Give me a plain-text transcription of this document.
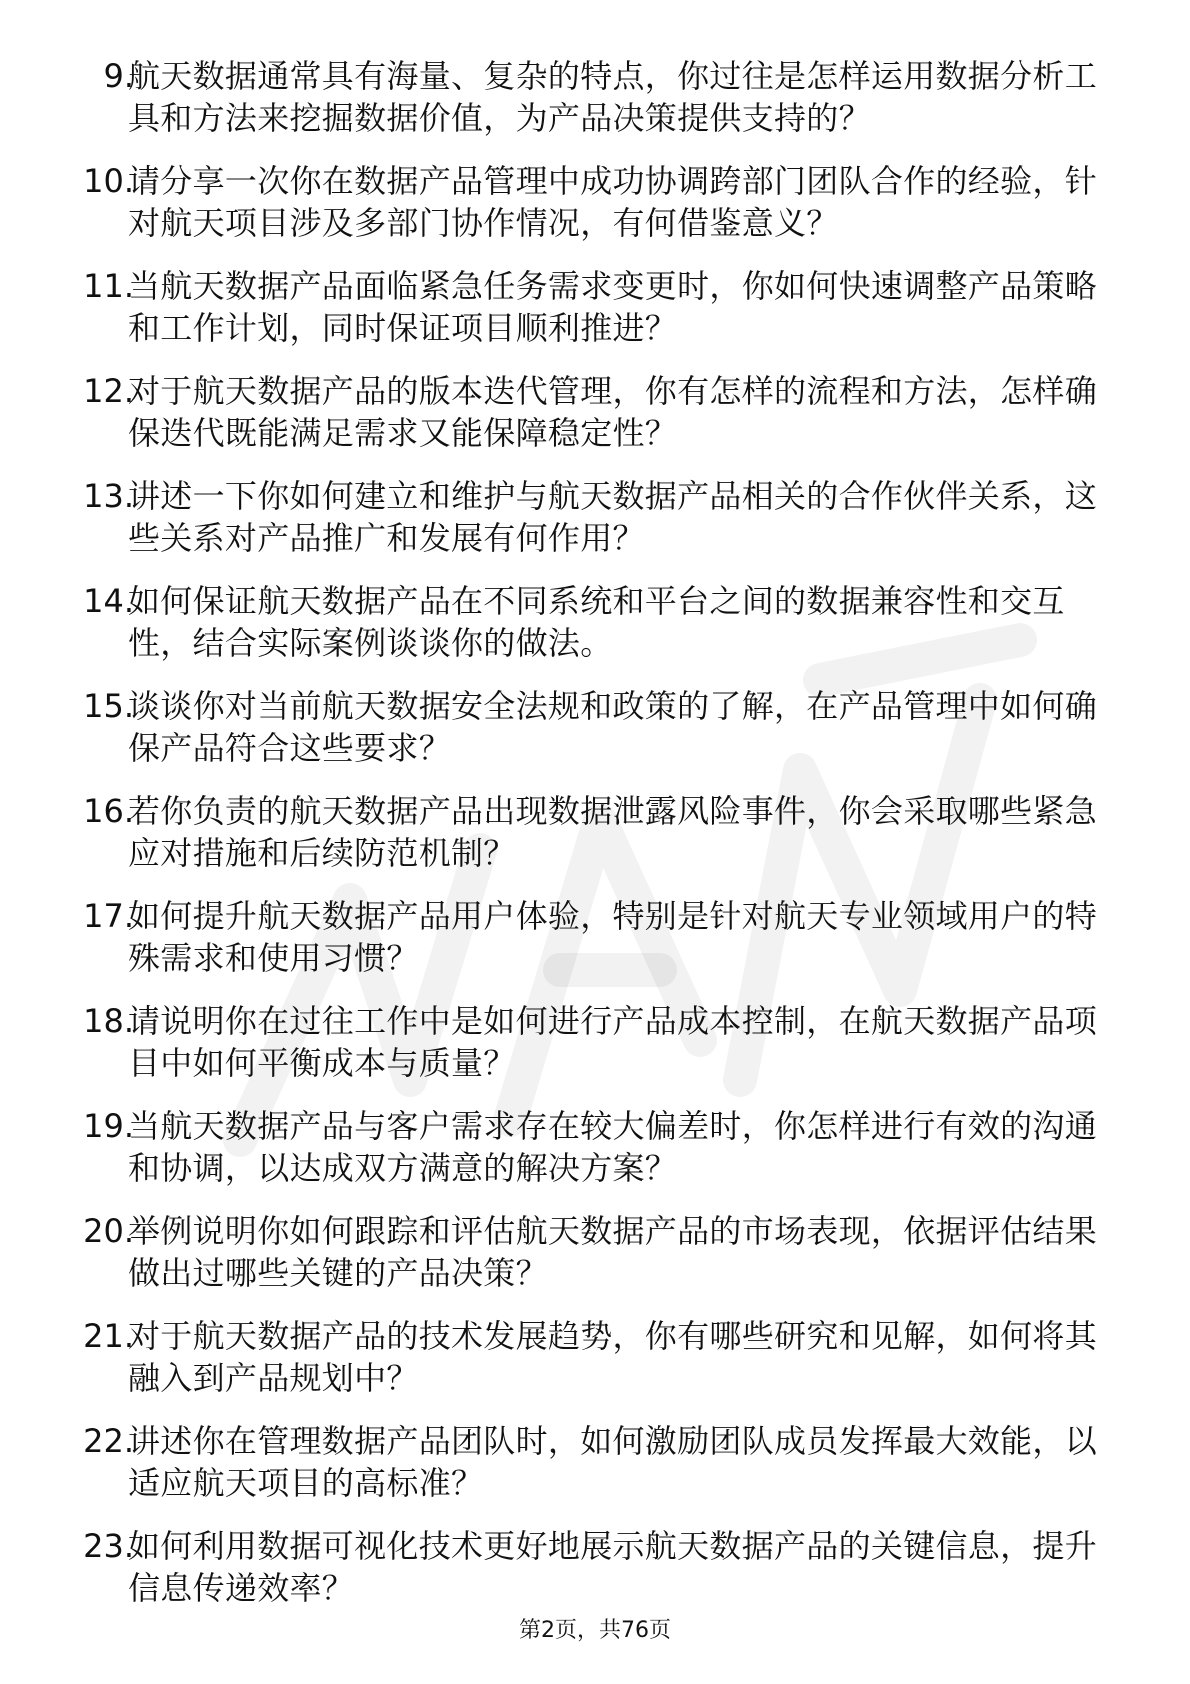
9.
航天数据通常具有海量、复杂的特点，你过往是怎样运用数据分析工具和方法来挖掘数据价值，为产品决策提供支持的？
10.
请分享一次你在数据产品管理中成功协调跨部门团队合作的经验，针对航天项目涉及多部门协作情况，有何借鉴意义？
11.
当航天数据产品面临紧急任务需求变更时，你如何快速调整产品策略和工作计划，同时保证项目顺利推进？
12.
对于航天数据产品的版本迭代管理，你有怎样的流程和方法，怎样确保迭代既能满足需求又能保障稳定性？
13.
讲述一下你如何建立和维护与航天数据产品相关的合作伙伴关系，这些关系对产品推广和发展有何作用？
14.
如何保证航天数据产品在不同系统和平台之间的数据兼容性和交互性，结合实际案例谈谈你的做法。
15.
谈谈你对当前航天数据安全法规和政策的了解，在产品管理中如何确保产品符合这些要求？
16.
若你负责的航天数据产品出现数据泄露风险事件，你会采取哪些紧急应对措施和后续防范机制？
17.
如何提升航天数据产品用户体验，特别是针对航天专业领域用户的特殊需求和使用习惯？
18.
请说明你在过往工作中是如何进行产品成本控制，在航天数据产品项目中如何平衡成本与质量？
19.
当航天数据产品与客户需求存在较大偏差时，你怎样进行有效的沟通和协调，以达成双方满意的解决方案？
20.
举例说明你如何跟踪和评估航天数据产品的市场表现，依据评估结果做出过哪些关键的产品决策？
21.
对于航天数据产品的技术发展趋势，你有哪些研究和见解，如何将其融入到产品规划中？
22.
讲述你在管理数据产品团队时，如何激励团队成员发挥最大效能，以适应航天项目的高标准？
23.
如何利用数据可视化技术更好地展示航天数据产品的关键信息，提升信息传递效率？
第2页，共76页
